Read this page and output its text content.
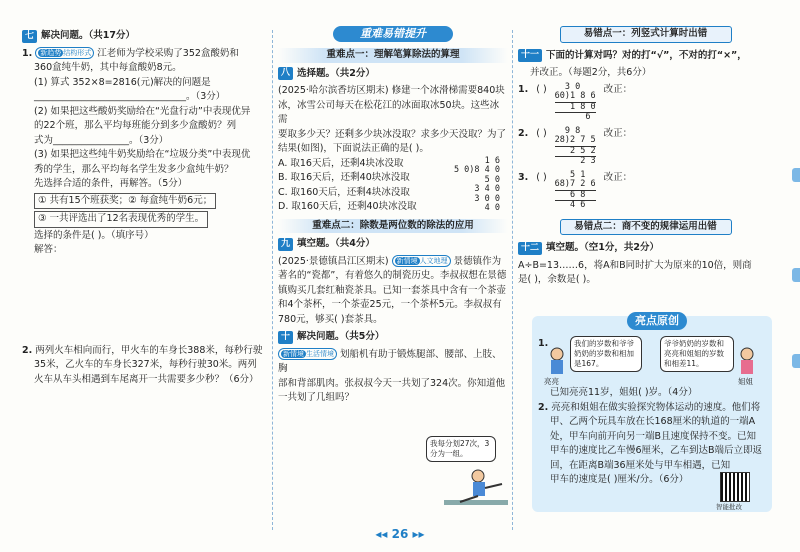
七 解决问题。（共17分）

1. 新趋势 结构形式 江老师为学校采购了352盒酸奶和

360盒纯牛奶，其中每盒酸奶8元。

(1) 算式 352×8=2816(元)解决的问题是

________________________________。（3分）

(2) 如果把这些酸奶奖励给在“光盘行动”中表现优异

的22个班，那么平均每班能分到多少盒酸奶？列

式为________________。（3分）

(3) 如果把这些纯牛奶奖励给在“垃圾分类”中表现优

秀的学生，那么平均每名学生发多少盒纯牛奶？

先选择合适的条件，再解答。（5分）

① 共有15个班获奖；② 每盒纯牛奶6元；
③ 一共评选出了12名表现优秀的学生。

选择的条件是( )。（填序号）

解答：

2. 两列火车相向而行，甲火车的车身长388米，每秒行驶

35米，乙火车的车身长327米，每秒行驶30米。两列

火车从车头相遇到车尾离开一共需要多少秒？（6分）

重难易错提升
重难点一：理解笔算除法的算理
八 选择题。（共2分）

(2025·哈尔滨香坊区期末) 修建一个冰滑梯需要840块

冰，冰雪公司每天在松花江的冰面取冰50块。这些冰需

要取多少天？还剩多少块冰没取？求多少天没取？为了

结果(如图)，下面说法正确的是( )。

A. 取16天后，还剩4块冰没取

B. 取16天后，还剩40块冰没取

C. 取160天后，还剩4块冰没取

D. 取160天后，还剩40块冰没取

1 6
5 0)8 4 0
5 0
3 4 0
3 0 0
4 0
重难点二：除数是两位数的除法的应用
九 填空题。（共4分）

(2025·景德镇昌江区期末) 新情境 人文地理 景德镇作为

著名的“瓷都”，有着悠久的制瓷历史。李叔叔想在景德

镇购买几套红釉瓷茶具。已知一套茶具中含有一个茶壶

和4个茶杯，一个茶壶25元，一个茶杯5元。李叔叔有

780元，够买( )套茶具。

十 解决问题。（共5分）

新情境 生活情境 划船机有助于锻炼腿部、腰部、上肢、胸

部和背部肌肉。张叔叔今天一共划了324次。你知道他

一共划了几组吗？

我每分划27次，3分为一组。
易错点一：列竖式计算时出错
十一 下面的计算对吗？对的打“√”，不对的打“×”，

并改正。（每题2分，共6分）

1. ( ) 3 0
60)1 8 6
1 8 0
6
改正：
2. ( ) 9 8
28)2 7 5
2 5 2
2 3
改正：
3. ( ) 5 1
68)7 2 6
6 8
4 6
改正：
易错点二：商不变的规律运用出错
十二 填空题。（空1分，共2分）

A÷B=13……6，将A和B同时扩大为原来的10倍，则商

是( )，余数是( )。

亮点原创
1.	我们的岁数和爷爷奶奶的岁数和相加是167。
爷爷奶奶的岁数和亮亮和姐姐的岁数和相差11。
亮亮	姐姐

已知亮亮11岁，姐姐( )岁。（4分）

2. 亮亮和姐姐在做实验探究物体运动的速度。他们将

甲、乙两个玩具车放在长168厘米的轨道的一端A

处，甲车向前开向另一端B且速度保持不变。已知

甲车的速度比乙车慢6厘米，乙车到达B端后立即返

回，在距离B端36厘米处与甲车相遇，已知

甲车的速度是( )厘米/分。（6分）

智能批改
◂◂ 26 ▸▸
